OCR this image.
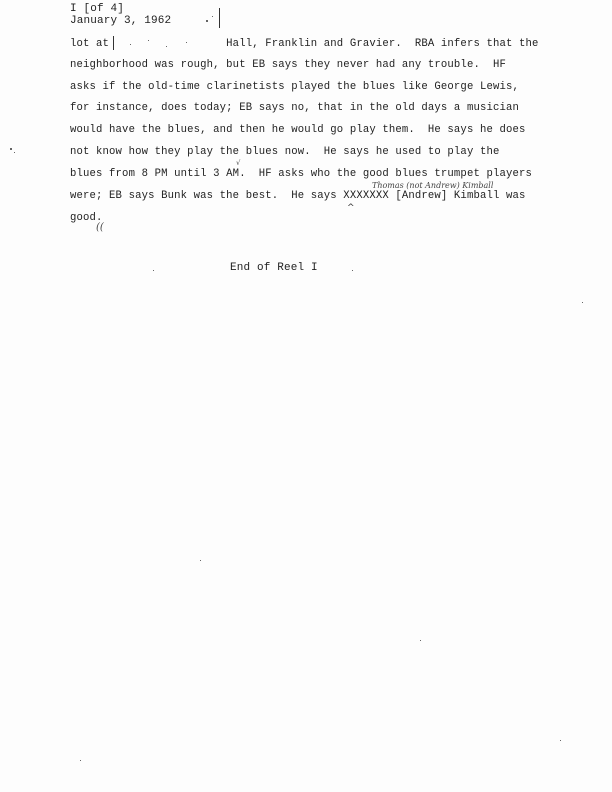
I [of 4]
January 3, 1962
lot at                  Hall, Franklin and Gravier.  RBA infers that the
neighborhood was rough, but EB says they never had any trouble.  HF
asks if the old-time clarinetists played the blues like George Lewis,
for instance, does today; EB says no, that in the old days a musician
would have the blues, and then he would go play them.  He says he does
not know how they play the blues now.  He says he used to play the
blues from 8 PM until 3 AM.  HF asks who the good blues trumpet players
were; EB says Bunk was the best.  He says XXXXXXX [Andrew] Kimball was
good.
Thomas (not Andrew) Kimball
^
√
((
End of Reel I
